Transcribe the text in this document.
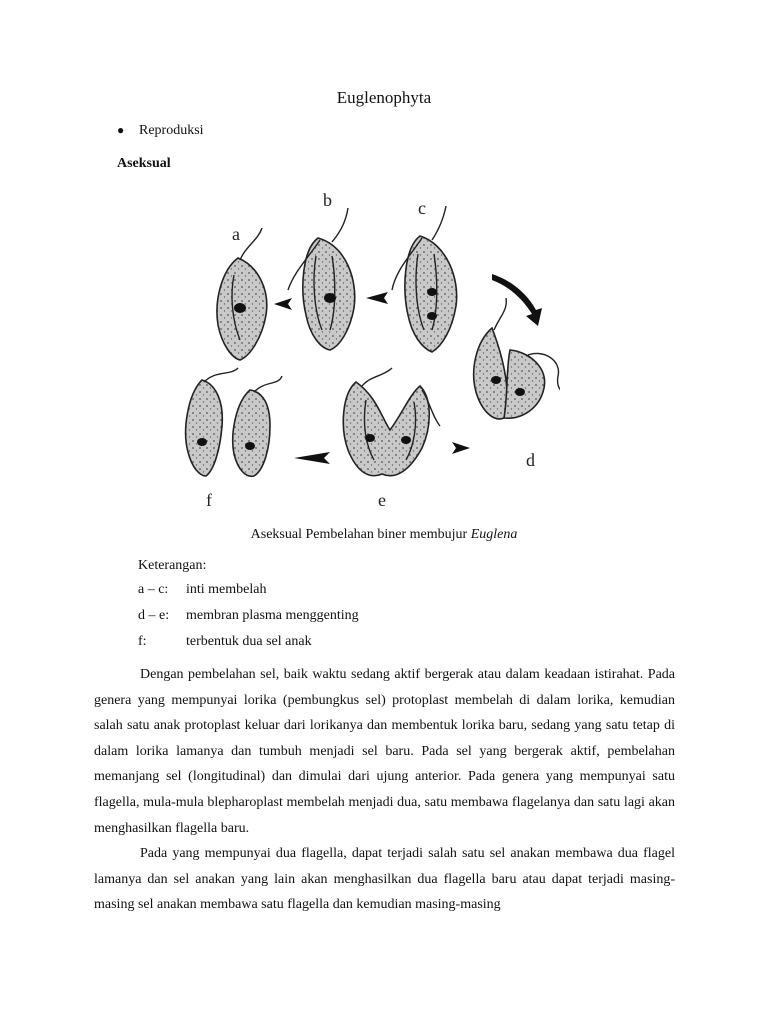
Euglenophyta
● Reproduksi
Aseksual
a
b	c
d
e
f
Aseksual Pembelahan biner membujur Euglena
Keterangan:
a – c:	inti membelah
d – e:	membran plasma menggenting
f:	terbentuk dua sel anak

Dengan pembelahan sel, baik waktu sedang aktif bergerak atau dalam keadaan istirahat. Pada genera yang mempunyai lorika (pembungkus sel) protoplast membelah di dalam lorika, kemudian salah satu anak protoplast keluar dari lorikanya dan membentuk lorika baru, sedang yang satu tetap di dalam lorika lamanya dan tumbuh menjadi sel baru. Pada sel yang bergerak aktif, pembelahan memanjang sel (longitudinal) dan dimulai dari ujung anterior. Pada genera yang mempunyai satu flagella, mula-mula blepharoplast membelah menjadi dua, satu membawa flagelanya dan satu lagi akan menghasilkan flagella baru.

Pada yang mempunyai dua flagella, dapat terjadi salah satu sel anakan membawa dua flagel lamanya dan sel anakan yang lain akan menghasilkan dua flagella baru atau dapat terjadi masing-masing sel anakan membawa satu flagella dan kemudian masing-masing
